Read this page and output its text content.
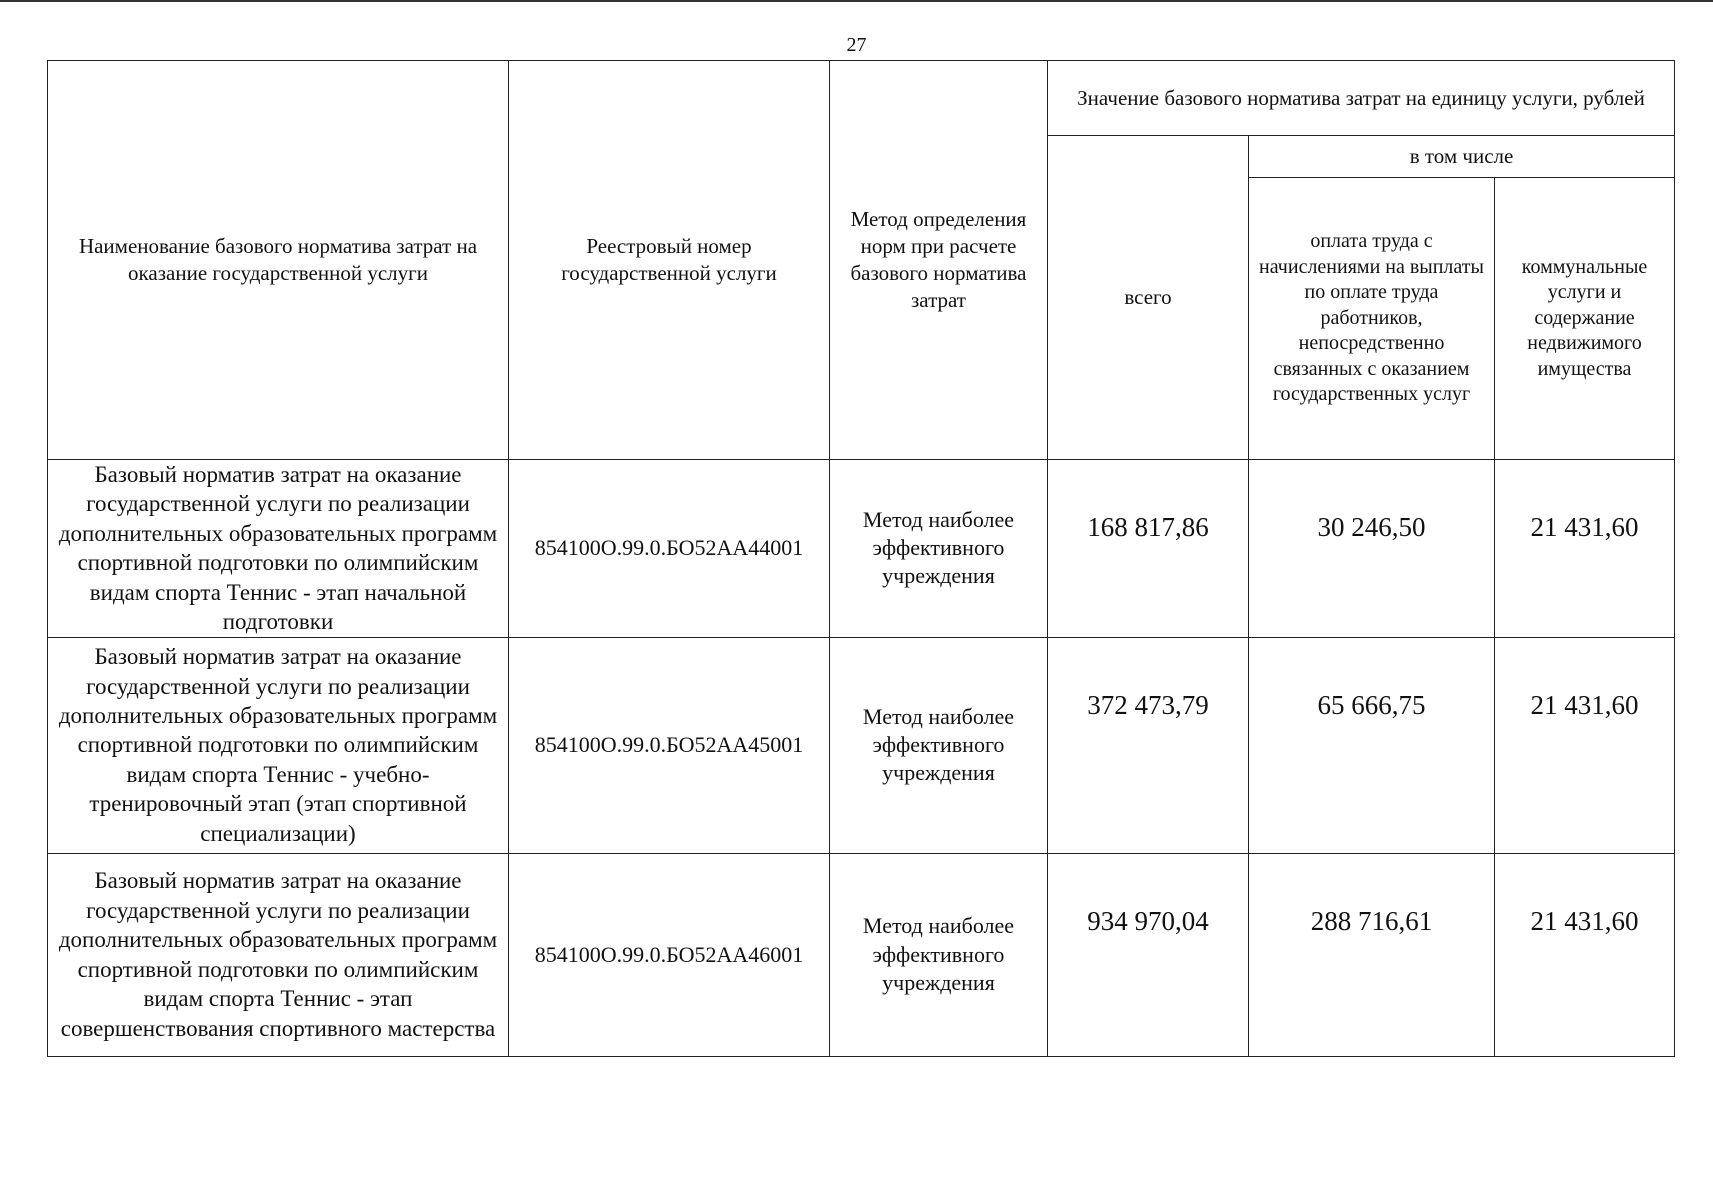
27
Наименование базового норматива затрат на оказание государственной услуги	Реестровый номер государственной услуги	Метод определения норм при расчете базового норматива затрат	Значение базового норматива затрат на единицу услуги, рублей		
			всего	в том числе	
				оплата труда с начислениями на выплаты по оплате труда работников, непосредственно связанных с оказанием государственных услуг	коммунальные услуги и содержание недвижимого имущества
Базовый норматив затрат на оказание государственной услуги по реализации дополнительных образовательных программ спортивной подготовки по олимпийским видам спорта Теннис - этап начальной подготовки	854100О.99.0.БО52АА44001	Метод наиболее эффективного учреждения	168 817,86	30 246,50	21 431,60
Базовый норматив затрат на оказание государственной услуги по реализации дополнительных образовательных программ спортивной подготовки по олимпийским видам спорта Теннис - учебно-тренировочный этап (этап спортивной специализации)	854100О.99.0.БО52АА45001	Метод наиболее эффективного учреждения	372 473,79	65 666,75	21 431,60
Базовый норматив затрат на оказание государственной услуги по реализации дополнительных образовательных программ спортивной подготовки по олимпийским видам спорта Теннис - этап совершенствования спортивного мастерства	854100О.99.0.БО52АА46001	Метод наиболее эффективного учреждения	934 970,04	288 716,61	21 431,60
